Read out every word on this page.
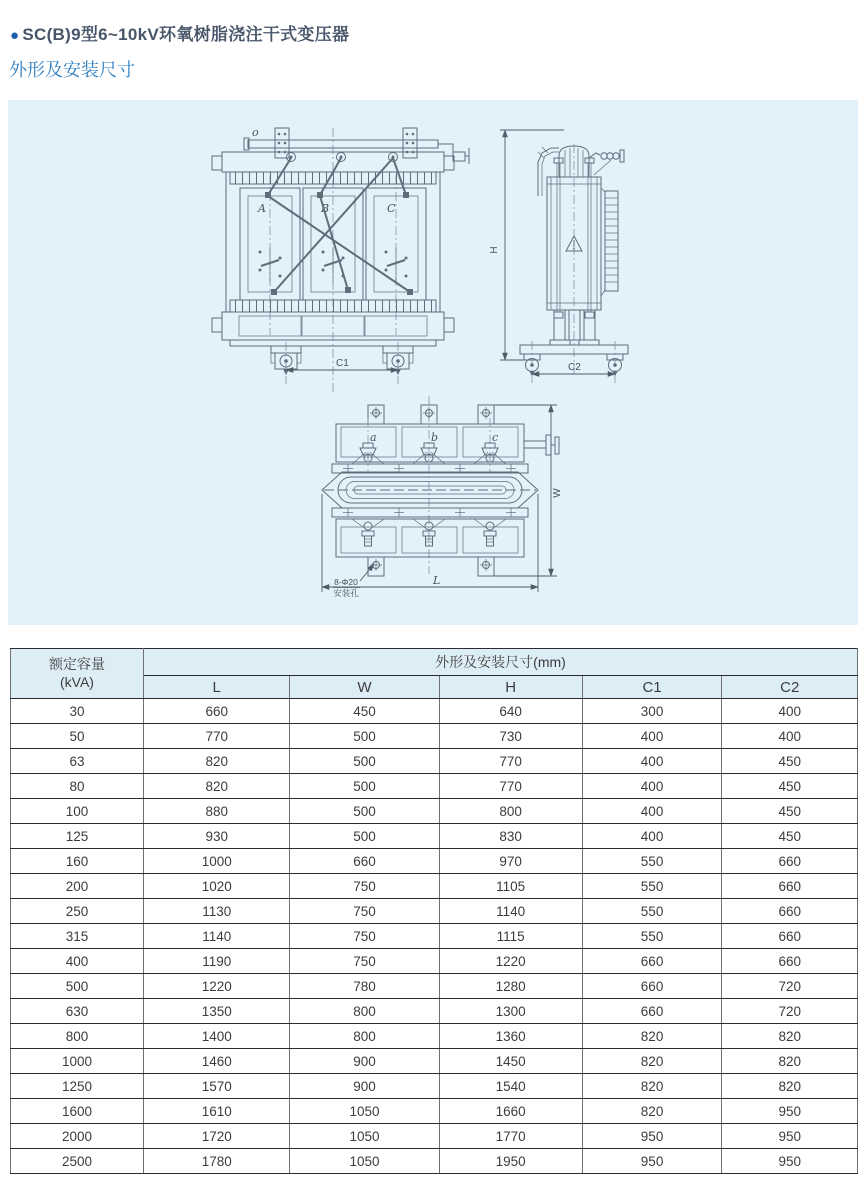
● SC(B)9型6~10kV环氧树脂浇注干式变压器
外形及安装尺寸
o
A	B	C
C1
H
C2
a	b	c
8-Φ20
安装孔
L
W
额定容量
(kVA)	外形及安装尺寸(mm)				
	L	W	H	C1	C2
30	660	450	640	300	400
50	770	500	730	400	400
63	820	500	770	400	450
80	820	500	770	400	450
100	880	500	800	400	450
125	930	500	830	400	450
160	1000	660	970	550	660
200	1020	750	1105	550	660
250	1130	750	1140	550	660
315	1140	750	1115	550	660
400	1190	750	1220	660	660
500	1220	780	1280	660	720
630	1350	800	1300	660	720
800	1400	800	1360	820	820
1000	1460	900	1450	820	820
1250	1570	900	1540	820	820
1600	1610	1050	1660	820	950
2000	1720	1050	1770	950	950
2500	1780	1050	1950	950	950
